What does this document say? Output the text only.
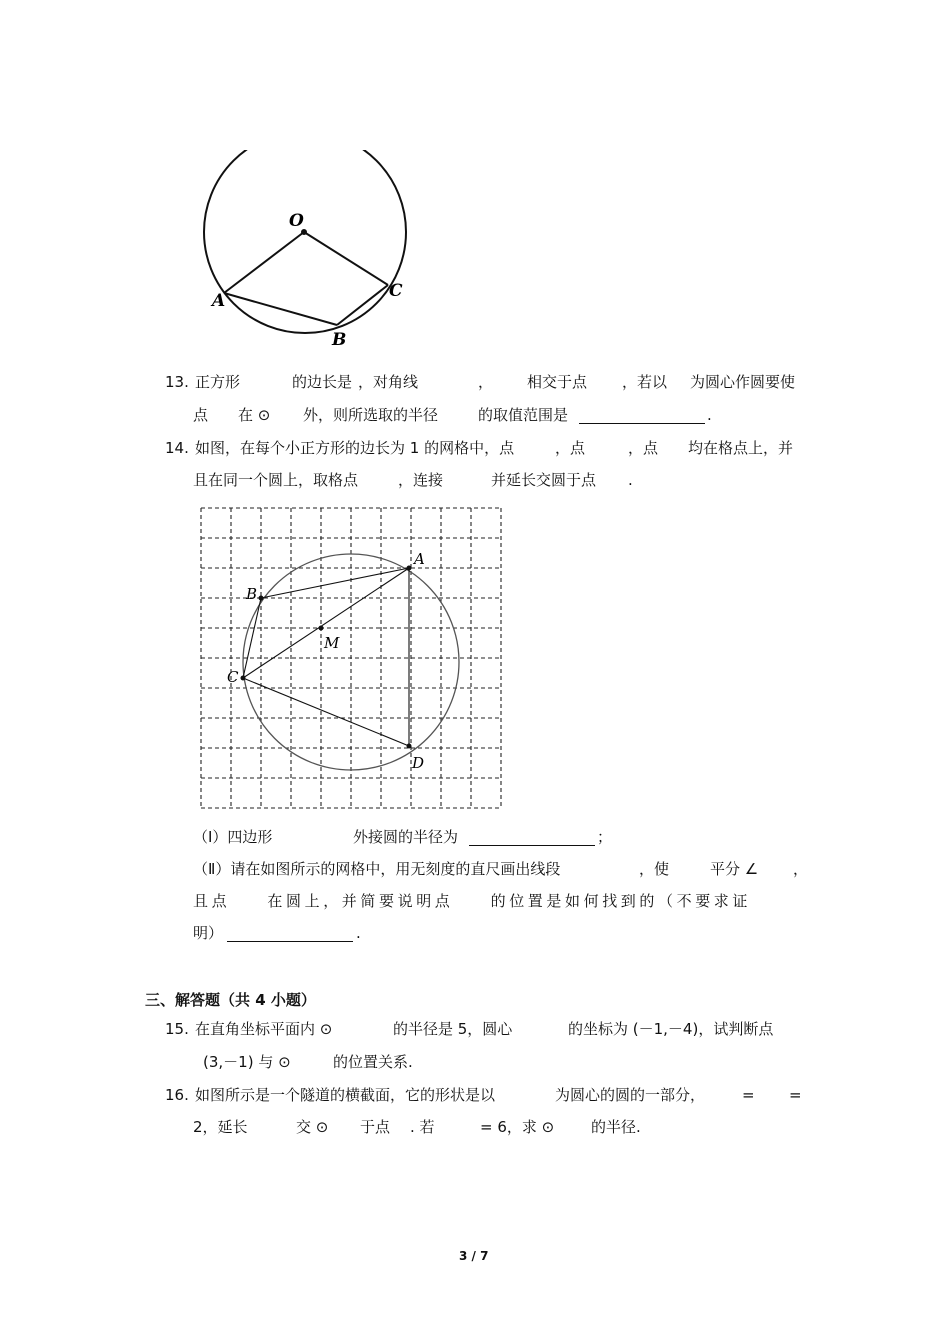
O
A
B
C
13. 正方形	的边长是 ，对角线	， 相交于点 ，若以 为圆心作圆要使
点 在 ⊙ 外，则所选取的半径	的取值范围是	.
14. 如图，在每个小正方形的边长为 1 的网格中，点	，点	，点 均在格点上，并
且在同一个圆上，取格点	，连接	并延长交圆于点 .
A
B
C
D
M
（Ⅰ）四边形	外接圆的半径为	；
（Ⅱ）请在如图所示的网格中，用无刻度的直尺画出线段	，使	平分 ∠ ，
且点　　在圆上，并简要说明点　　的位置是如何找到的（不要求证
明）	.
三、解答题（共 4 小题）
15. 在直角坐标平面内 ⊙	的半径是 5，圆心	的坐标为 (－1,－4)，试判断点
(3,－1) 与 ⊙	的位置关系.
16. 如图所示是一个隧道的横截面，它的形状是以	为圆心的圆的一部分， = =
2，延长	交 ⊙ 于点 . 若	= 6，求 ⊙ 的半径.
3 / 7
